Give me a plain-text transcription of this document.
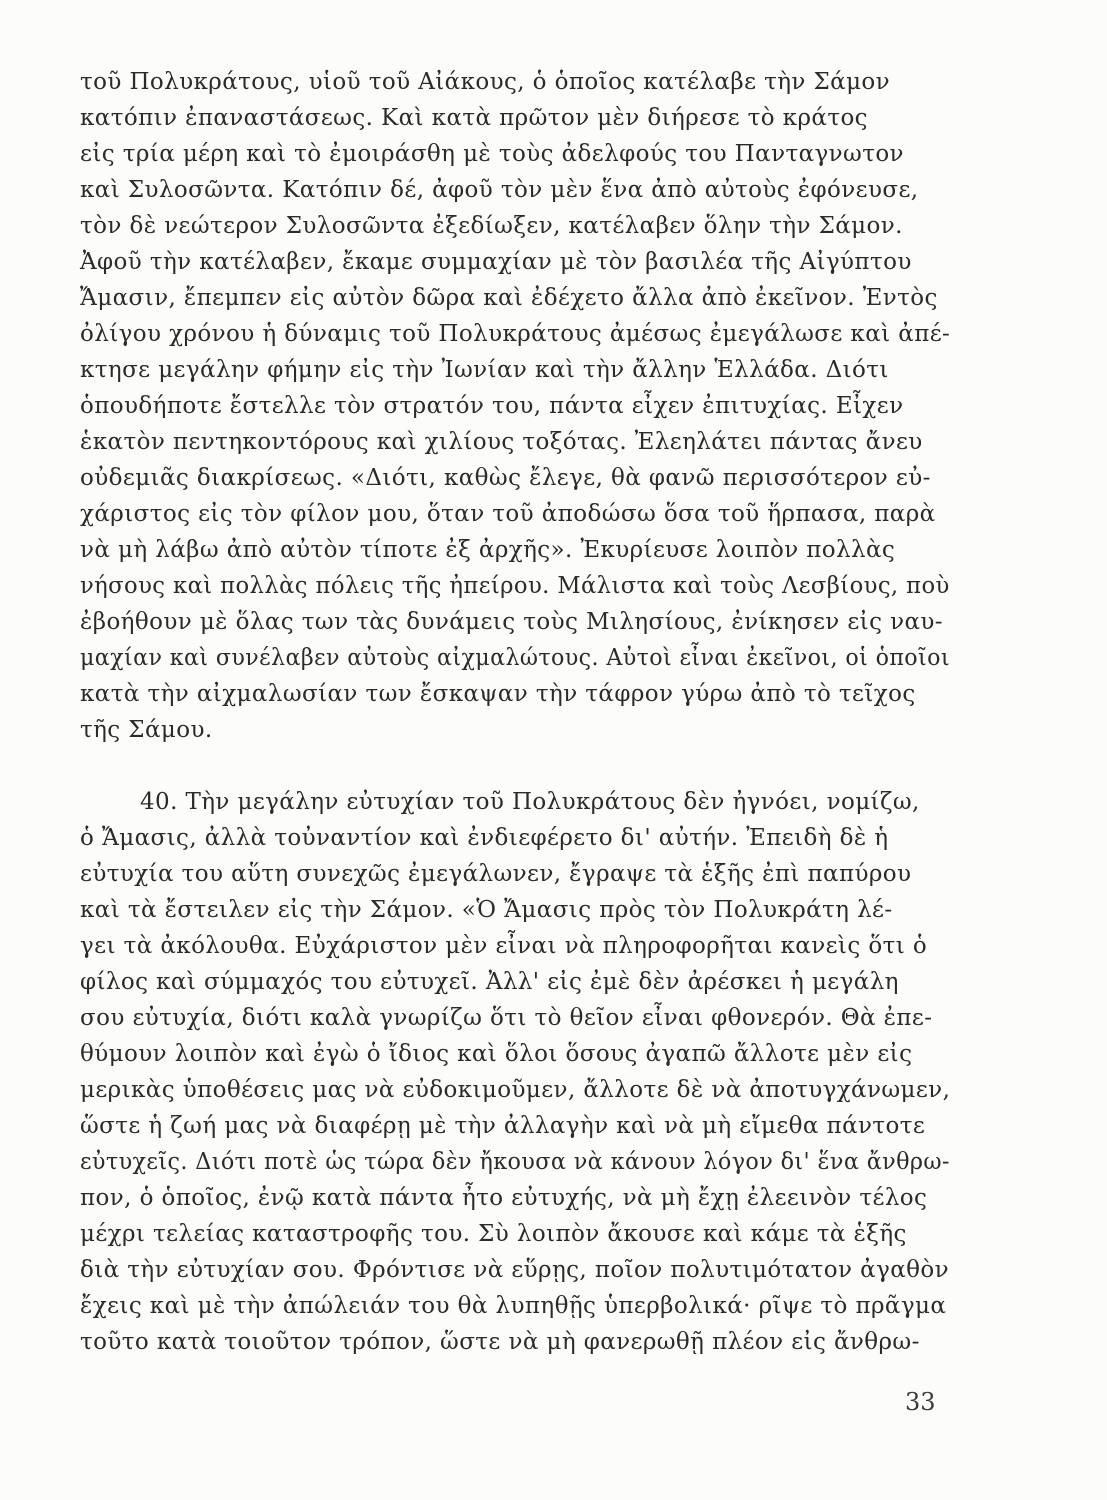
τοῦ Πολυκράτους, υἱοῦ τοῦ Αἰάκους, ὁ ὁποῖος κατέλαβε τὴν Σάμον
κατόπιν ἐπαναστάσεως. Καὶ κατὰ πρῶτον μὲν διήρεσε τὸ κράτος
εἰς τρία μέρη καὶ τὸ ἐμοιράσθη μὲ τοὺς ἀδελφούς του Πανταγνωτον
καὶ Συλοσῶντα. Κατόπιν δέ, ἀφοῦ τὸν μὲν ἕνα ἀπὸ αὐτοὺς ἐφόνευσε,
τὸν δὲ νεώτερον Συλοσῶντα ἐξεδίωξεν, κατέλαβεν ὅλην τὴν Σάμον.
Ἀφοῦ τὴν κατέλαβεν, ἔκαμε συμμαχίαν μὲ τὸν βασιλέα τῆς Αἰγύπτου
Ἄμασιν, ἔπεμπεν εἰς αὐτὸν δῶρα καὶ ἐδέχετο ἄλλα ἀπὸ ἐκεῖνον. Ἐντὸς
ὀλίγου χρόνου ἡ δύναμις τοῦ Πολυκράτους ἀμέσως ἐμεγάλωσε καὶ ἀπέ-
κτησε μεγάλην φήμην εἰς τὴν Ἰωνίαν καὶ τὴν ἄλλην Ἑλλάδα. Διότι
ὁπουδήποτε ἔστελλε τὸν στρατόν του, πάντα εἶχεν ἐπιτυχίας. Εἶχεν
ἑκατὸν πεντηκοντόρους καὶ χιλίους τοξότας. Ἐλεηλάτει πάντας ἄνευ
οὐδεμιᾶς διακρίσεως. «Διότι, καθὼς ἔλεγε, θὰ φανῶ περισσότερον εὐ-
χάριστος εἰς τὸν φίλον μου, ὅταν τοῦ ἀποδώσω ὅσα τοῦ ἥρπασα, παρὰ
νὰ μὴ λάβω ἀπὸ αὐτὸν τίποτε ἐξ ἀρχῆς». Ἐκυρίευσε λοιπὸν πολλὰς
νήσους καὶ πολλὰς πόλεις τῆς ἠπείρου. Μάλιστα καὶ τοὺς Λεσβίους, ποὺ
ἐβοήθουν μὲ ὅλας των τὰς δυνάμεις τοὺς Μιλησίους, ἐνίκησεν εἰς ναυ-
μαχίαν καὶ συνέλαβεν αὐτοὺς αἰχμαλώτους. Αὐτοὶ εἶναι ἐκεῖνοι, οἱ ὁποῖοι
κατὰ τὴν αἰχμαλωσίαν των ἔσκαψαν τὴν τάφρον γύρω ἀπὸ τὸ τεῖχος
τῆς Σάμου.
40. Τὴν μεγάλην εὐτυχίαν τοῦ Πολυκράτους δὲν ἠγνόει, νομίζω,
ὁ Ἄμασις, ἀλλὰ τοὐναντίον καὶ ἐνδιεφέρετο δι' αὐτήν. Ἐπειδὴ δὲ ἡ
εὐτυχία του αὕτη συνεχῶς ἐμεγάλωνεν, ἔγραψε τὰ ἑξῆς ἐπὶ παπύρου
καὶ τὰ ἔστειλεν εἰς τὴν Σάμον. «Ὁ Ἄμασις πρὸς τὸν Πολυκράτη λέ-
γει τὰ ἀκόλουθα. Εὐχάριστον μὲν εἶναι νὰ πληροφορῆται κανεὶς ὅτι ὁ
φίλος καὶ σύμμαχός του εὐτυχεῖ. Ἀλλ' εἰς ἐμὲ δὲν ἀρέσκει ἡ μεγάλη
σου εὐτυχία, διότι καλὰ γνωρίζω ὅτι τὸ θεῖον εἶναι φθονερόν. Θὰ ἐπε-
θύμουν λοιπὸν καὶ ἐγὼ ὁ ἴδιος καὶ ὅλοι ὅσους ἀγαπῶ ἄλλοτε μὲν εἰς
μερικὰς ὑποθέσεις μας νὰ εὐδοκιμοῦμεν, ἄλλοτε δὲ νὰ ἀποτυγχάνωμεν,
ὥστε ἡ ζωή μας νὰ διαφέρῃ μὲ τὴν ἀλλαγὴν καὶ νὰ μὴ εἴμεθα πάντοτε
εὐτυχεῖς. Διότι ποτὲ ὡς τώρα δὲν ἤκουσα νὰ κάνουν λόγον δι' ἕνα ἄνθρω-
πον, ὁ ὁποῖος, ἐνῷ κατὰ πάντα ἦτο εὐτυχής, νὰ μὴ ἔχῃ ἐλεεινὸν τέλος
μέχρι τελείας καταστροφῆς του. Σὺ λοιπὸν ἄκουσε καὶ κάμε τὰ ἑξῆς
διὰ τὴν εὐτυχίαν σου. Φρόντισε νὰ εὕρῃς, ποῖον πολυτιμότατον ἀγαθὸν
ἔχεις καὶ μὲ τὴν ἀπώλειάν του θὰ λυπηθῇς ὑπερβολικά· ρῖψε τὸ πρᾶγμα
τοῦτο κατὰ τοιοῦτον τρόπον, ὥστε νὰ μὴ φανερωθῇ πλέον εἰς ἄνθρω-
33
